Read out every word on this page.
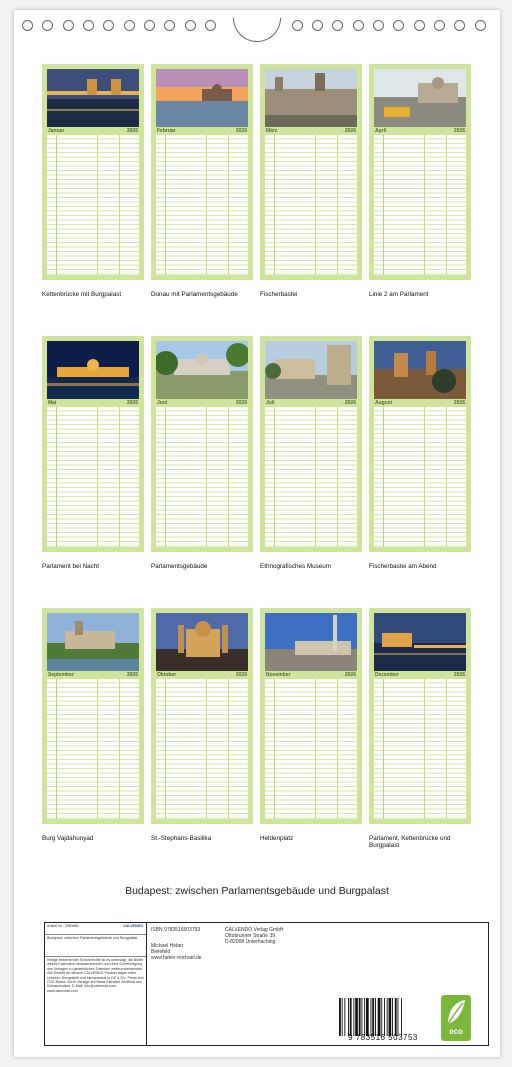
Januar	2026
Kettenbrücke mit Burgpalast
Februar	2026
Donau mit Parlamentsgebäude
März	2026
Fischerbastei
April	2026
Linie 2 am Parlament
Mai	2026
Parlament bei Nacht
Juni	2026
Parlamentsgebäude
Juli	2026
Ethnografisches Museum
August	2026
Fischerbastei am Abend
September	2026
Burg Vajdahunyad
Oktober	2026
St.-Stephans-Basilika
November	2026
Heldenplatz
Dezember	2026
Parlament, Kettenbrücke und Burgpalast
Budapest: zwischen Parlamentsgebäude und Burgpalast
Artikel Nr.: 2960680	CALVENDO
Budapest: zwischen Parlamentsgebäude und Burgpalast
Infolge bestehender Schutzrechte ist es untersagt, die Bilder dieses Kalenders herauszutrennen und ohne Genehmigung des Verlages zu gewerblichen Zwecken weiterzuverwenden. Alle Rechte an diesem CALVENDO Produkt liegen beim Urheber. Hergestellt und klimaneutral in DE & EU. Prints and CO2-Bilanz: durch Verlage auf Basis Klimatelf Zertifikat des Klimaschutzes. E-Mail: info@calvendo.com · www.calvendo.com
ISBN 9783516503753
Michael Heber
Bielefeld
www.heber-michael.de
CALVENDO Verlag GmbH
Ottobrunner Straße 39
D-82008 Unterhaching
9 783516 503753
eco
